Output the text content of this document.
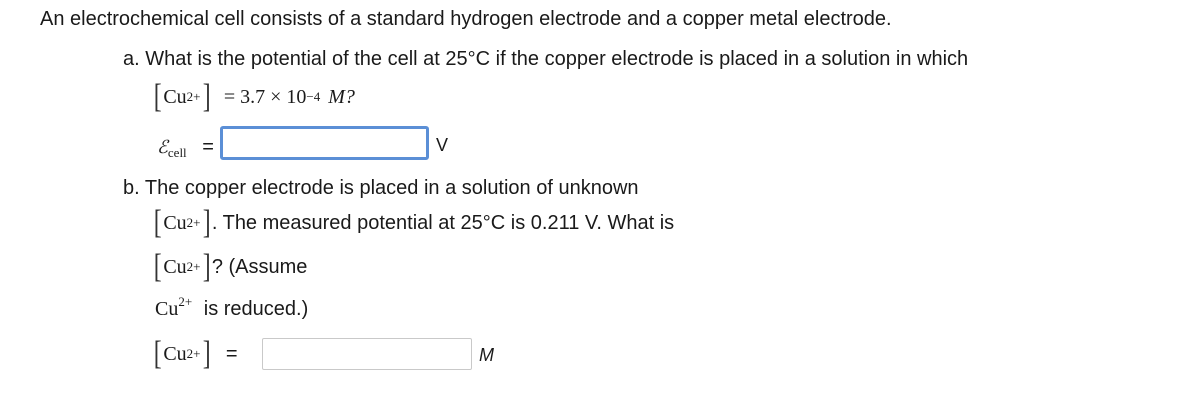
An electrochemical cell consists of a standard hydrogen electrode and a copper metal electrode.
a. What is the potential of the cell at 25°C if the copper electrode is placed in a solution in which
[ Cu 2+ ] = 3.7 × 10 −4 M?
ℰ$_{cell}$ =	V
b. The copper electrode is placed in a solution of unknown
[ Cu 2+ ] . The measured potential at 25°C is 0.211 V. What is
[ Cu 2+ ] ? (Assume
$Cu^{2+}$ is reduced.)
[ Cu 2+ ] =	M
